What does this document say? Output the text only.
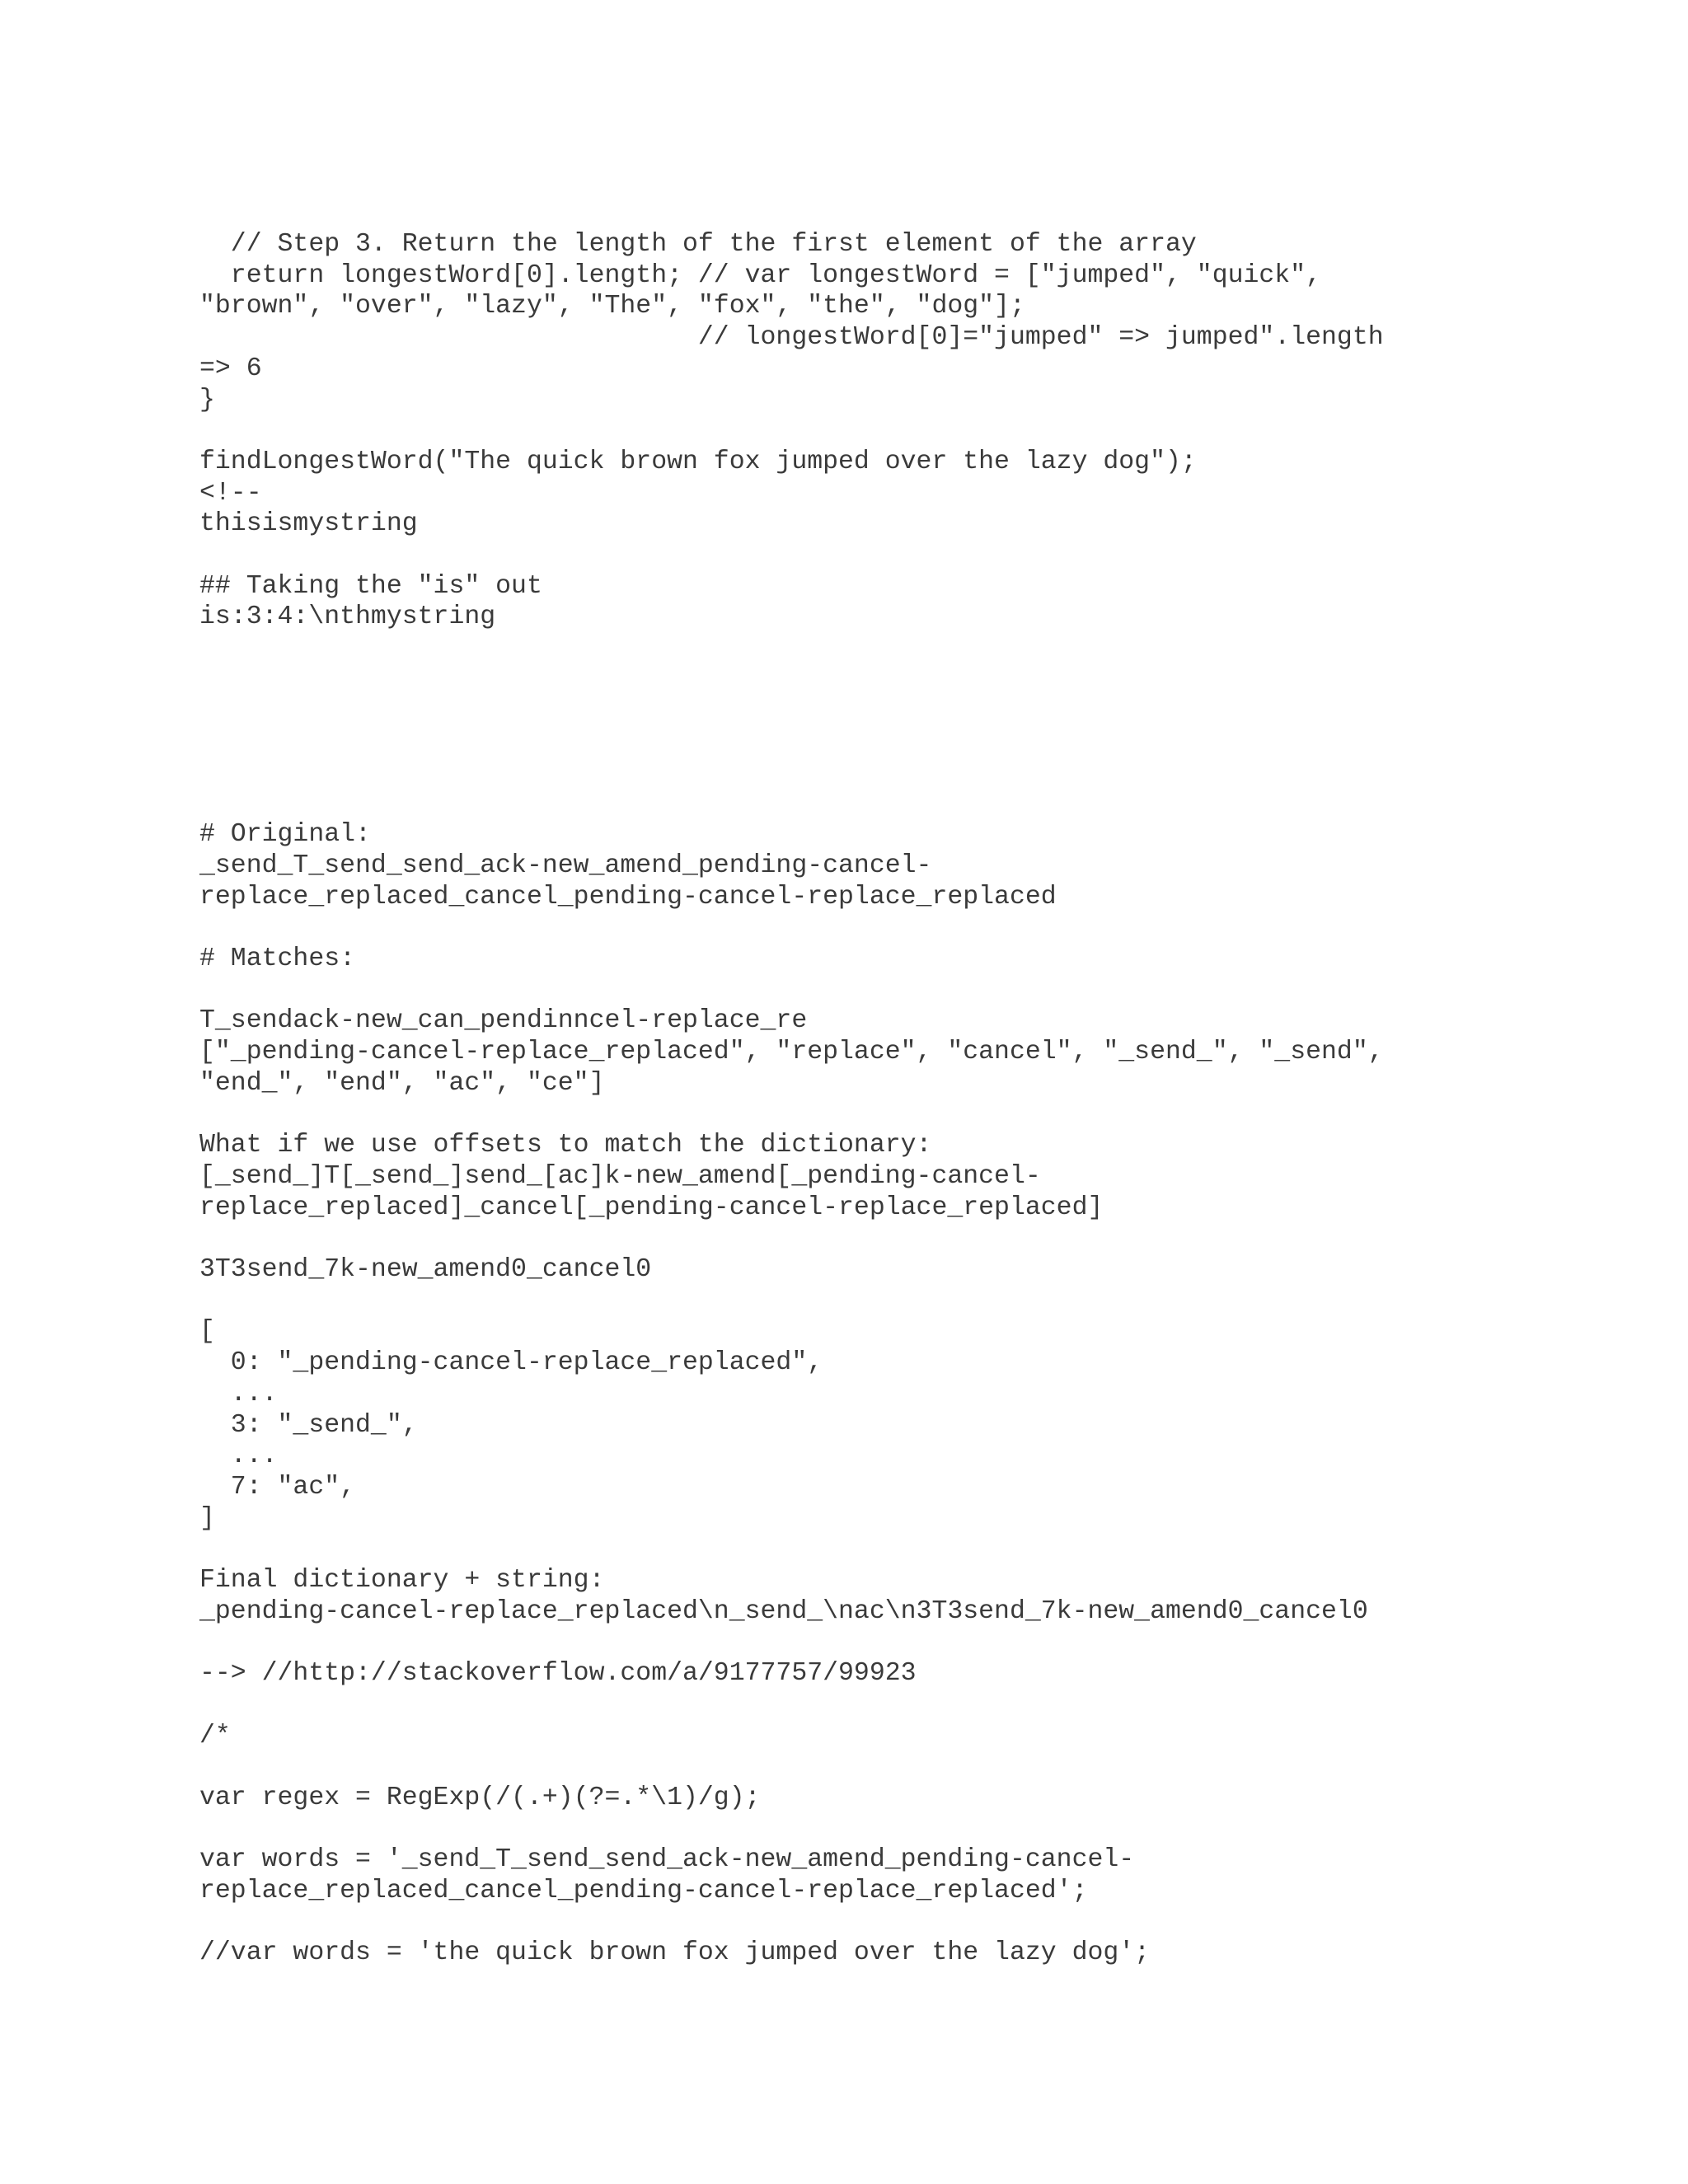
// Step 3. Return the length of the first element of the array
return longestWord[0].length; // var longestWord = ["jumped", "quick",
"brown", "over", "lazy", "The", "fox", "the", "dog"];
// longestWord[0]="jumped" => jumped".length
=> 6
}
findLongestWord("The quick brown fox jumped over the lazy dog");
<!--
thisismystring
## Taking the "is" out
is:3:4:\nthmystring
# Original:
_send_T_send_send_ack-new_amend_pending-cancel-
replace_replaced_cancel_pending-cancel-replace_replaced
# Matches:
T_sendack-new_can_pendinncel-replace_re
["_pending-cancel-replace_replaced", "replace", "cancel", "_send_", "_send",
"end_", "end", "ac", "ce"]
What if we use offsets to match the dictionary:
[_send_]T[_send_]send_[ac]k-new_amend[_pending-cancel-
replace_replaced]_cancel[_pending-cancel-replace_replaced]
3T3send_7k-new_amend0_cancel0
[
0: "_pending-cancel-replace_replaced",
...
3: "_send_",
...
7: "ac",
]
Final dictionary + string:
_pending-cancel-replace_replaced\n_send_\nac\n3T3send_7k-new_amend0_cancel0
--> //http://stackoverflow.com/a/9177757/99923
/*
var regex = RegExp(/(.+)(?=.*\1)/g);
var words = '_send_T_send_send_ack-new_amend_pending-cancel-
replace_replaced_cancel_pending-cancel-replace_replaced';
//var words = 'the quick brown fox jumped over the lazy dog';
